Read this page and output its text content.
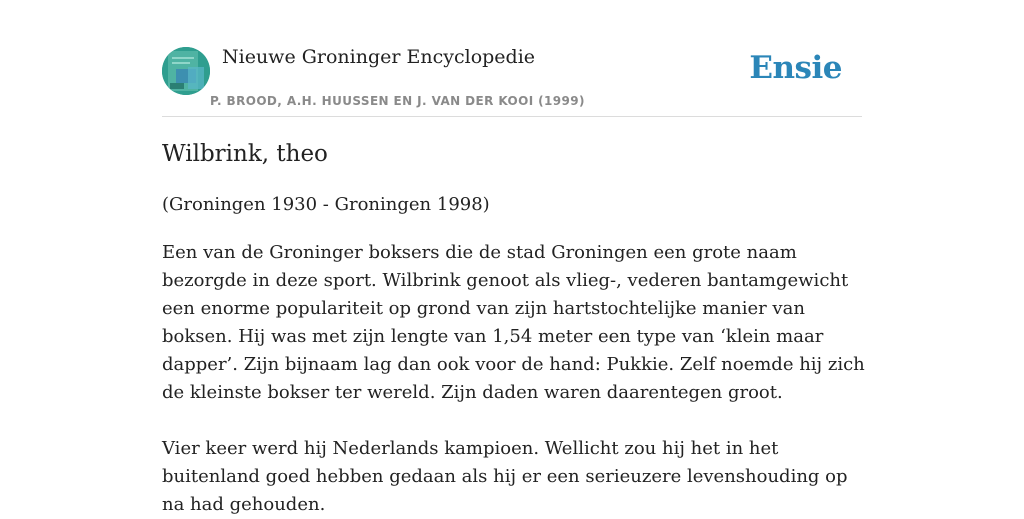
Nieuwe Groninger Encyclopedie
P. BROOD, A.H. HUUSSEN EN J. VAN DER KOOI (1999)
Ensie
Wilbrink, theo

(Groningen 1930 - Groningen 1998)

Een van de Groninger boksers die de stad Groningen een grote naam bezorgde in deze sport. Wilbrink genoot als vlieg-, vederen bantamgewicht een enorme populariteit op grond van zijn hartstochtelijke manier van boksen. Hij was met zijn lengte van 1,54 meter een type van ‘klein maar dapper’. Zijn bijnaam lag dan ook voor de hand: Pukkie. Zelf noemde hij zich de kleinste bokser ter wereld. Zijn daden waren daarentegen groot.

Vier keer werd hij Nederlands kampioen. Wellicht zou hij het in het buitenland goed hebben gedaan als hij er een serieuzere levenshouding op na had gehouden.
